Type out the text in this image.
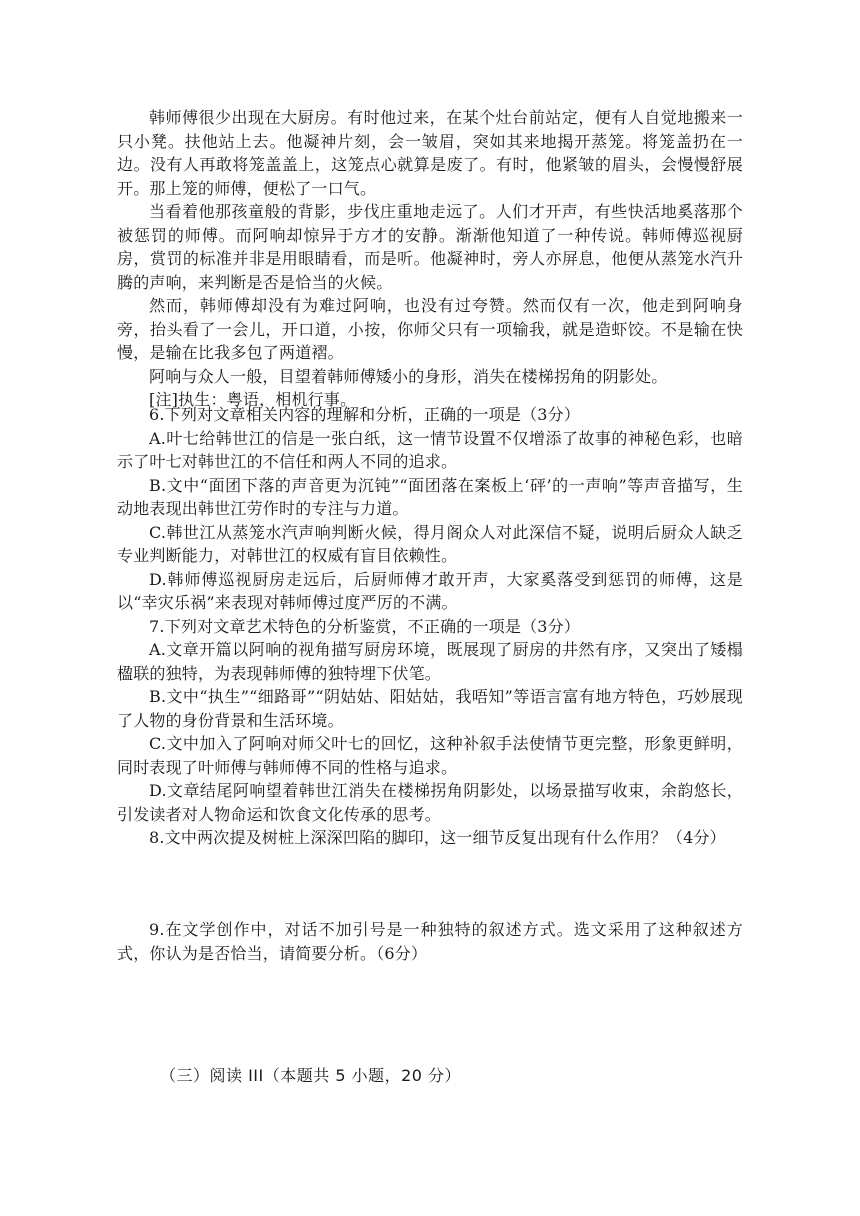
韩师傅很少出现在大厨房。有时他过来，在某个灶台前站定，便有人自觉地搬来一只小凳。扶他站上去。他凝神片刻，会一皱眉，突如其来地揭开蒸笼。将笼盖扔在一边。没有人再敢将笼盖盖上，这笼点心就算是废了。有时，他紧皱的眉头，会慢慢舒展开。那上笼的师傅，便松了一口气。

当看着他那孩童般的背影，步伐庄重地走远了。人们才开声，有些快活地奚落那个被惩罚的师傅。而阿响却惊异于方才的安静。渐渐他知道了一种传说。韩师傅巡视厨房，赏罚的标准并非是用眼睛看，而是听。他凝神时，旁人亦屏息，他便从蒸笼水汽升腾的声响，来判断是否是恰当的火候。

然而，韩师傅却没有为难过阿响，也没有过夸赞。然而仅有一次，他走到阿响身旁，抬头看了一会儿，开口道，小按，你师父只有一项输我，就是造虾饺。不是输在快慢，是输在比我多包了两道褶。

阿响与众人一般，目望着韩师傅矮小的身形，消失在楼梯拐角的阴影处。

[注]执生：粤语，相机行事。

6.下列对文章相关内容的理解和分析，正确的一项是（3分）

A.叶七给韩世江的信是一张白纸，这一情节设置不仅增添了故事的神秘色彩，也暗示了叶七对韩世江的不信任和两人不同的追求。

B.文中“面团下落的声音更为沉钝”“面团落在案板上‘砰’的一声响”等声音描写，生动地表现出韩世江劳作时的专注与力道。

C.韩世江从蒸笼水汽声响判断火候，得月阁众人对此深信不疑，说明后厨众人缺乏专业判断能力，对韩世江的权威有盲目依赖性。

D.韩师傅巡视厨房走远后，后厨师傅才敢开声，大家奚落受到惩罚的师傅，这是以“幸灾乐祸”来表现对韩师傅过度严厉的不满。

7.下列对文章艺术特色的分析鉴赏，不正确的一项是（3分）

A.文章开篇以阿响的视角描写厨房环境，既展现了厨房的井然有序，又突出了矮榻楹联的独特，为表现韩师傅的独特埋下伏笔。

B.文中“执生”“细路哥”“阴姑姑、阳姑姑，我唔知”等语言富有地方特色，巧妙展现了人物的身份背景和生活环境。

C.文中加入了阿响对师父叶七的回忆，这种补叙手法使情节更完整，形象更鲜明，同时表现了叶师傅与韩师傅不同的性格与追求。

D.文章结尾阿响望着韩世江消失在楼梯拐角阴影处，以场景描写收束，余韵悠长，引发读者对人物命运和饮食文化传承的思考。

8.文中两次提及树桩上深深凹陷的脚印，这一细节反复出现有什么作用？（4分）

9.在文学创作中，对话不加引号是一种独特的叙述方式。选文采用了这种叙述方式，你认为是否恰当，请简要分析。（6分）

（三）阅读 III（本题共 5 小题，20 分）
